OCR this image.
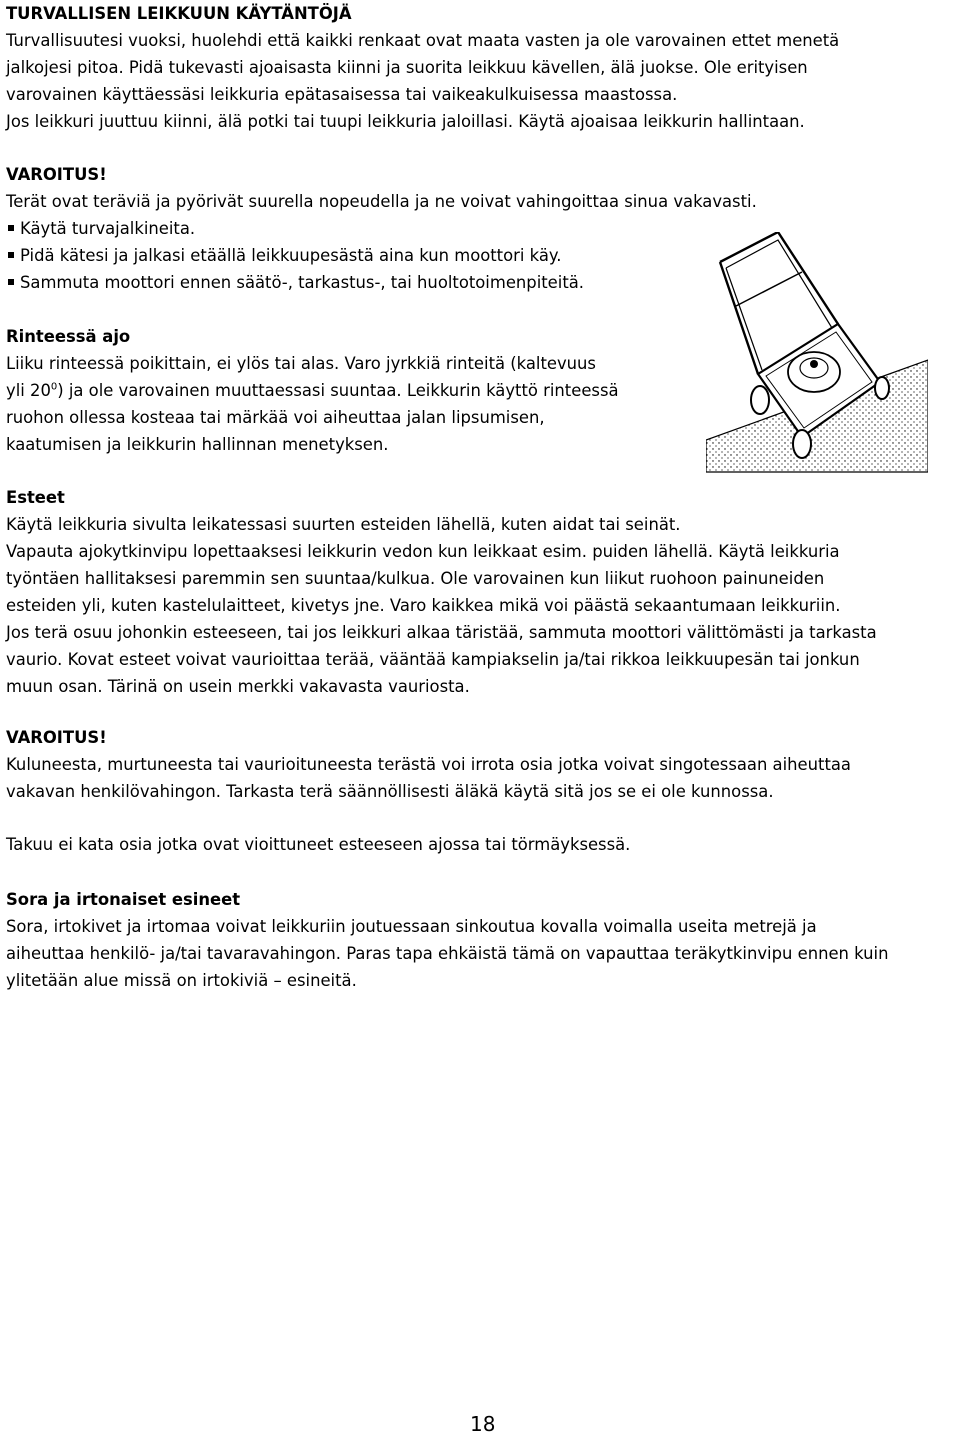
TURVALLISEN LEIKKUUN KÄYTÄNTÖJÄ
Turvallisuutesi vuoksi, huolehdi että kaikki renkaat ovat maata vasten ja ole varovainen ettet menetä
jalkojesi pitoa. Pidä tukevasti ajoaisasta kiinni ja suorita leikkuu kävellen, älä juokse. Ole erityisen
varovainen käyttäessäsi leikkuria epätasaisessa tai vaikeakulkuisessa maastossa.
Jos leikkuri juuttuu kiinni, älä potki tai tuupi leikkuria jaloillasi. Käytä ajoaisaa leikkurin hallintaan.
VAROITUS!
Terät ovat teräviä ja pyörivät suurella nopeudella ja ne voivat vahingoittaa sinua vakavasti.
Käytä turvajalkineita.
Pidä kätesi ja jalkasi etäällä leikkuupesästä aina kun moottori käy.
Sammuta moottori ennen säätö-, tarkastus-, tai huoltotoimenpiteitä.
Rinteessä ajo
Liiku rinteessä poikittain, ei ylös tai alas. Varo jyrkkiä rinteitä (kaltevuus
yli $20^0$) ja ole varovainen muuttaessasi suuntaa. Leikkurin käyttö rinteessä
ruohon ollessa kosteaa tai märkää voi aiheuttaa jalan lipsumisen,
kaatumisen ja leikkurin hallinnan menetyksen.
Esteet
Käytä leikkuria sivulta leikatessasi suurten esteiden lähellä, kuten aidat tai seinät.
Vapauta ajokytkinvipu lopettaaksesi leikkurin vedon kun leikkaat esim. puiden lähellä. Käytä leikkuria
työntäen hallitaksesi paremmin sen suuntaa/kulkua. Ole varovainen kun liikut ruohoon painuneiden
esteiden yli, kuten kastelulaitteet, kivetys jne. Varo kaikkea mikä voi päästä sekaantumaan leikkuriin.
Jos terä osuu johonkin esteeseen, tai jos leikkuri alkaa täristää, sammuta moottori välittömästi ja tarkasta
vaurio. Kovat esteet voivat vaurioittaa terää, vääntää kampiakselin ja/tai rikkoa leikkuupesän tai jonkun
muun osan. Tärinä on usein merkki vakavasta vauriosta.
VAROITUS!
Kuluneesta, murtuneesta tai vaurioituneesta terästä voi irrota osia jotka voivat singotessaan aiheuttaa
vakavan henkilövahingon. Tarkasta terä säännöllisesti äläkä käytä sitä jos se ei ole kunnossa.
Takuu ei kata osia jotka ovat vioittuneet esteeseen ajossa tai törmäyksessä.
Sora ja irtonaiset esineet
Sora, irtokivet ja irtomaa voivat leikkuriin joutuessaan sinkoutua kovalla voimalla useita metrejä ja
aiheuttaa henkilö- ja/tai tavaravahingon. Paras tapa ehkäistä tämä on vapauttaa teräkytkinvipu ennen kuin
ylitetään alue missä on irtokiviä – esineitä.
18
